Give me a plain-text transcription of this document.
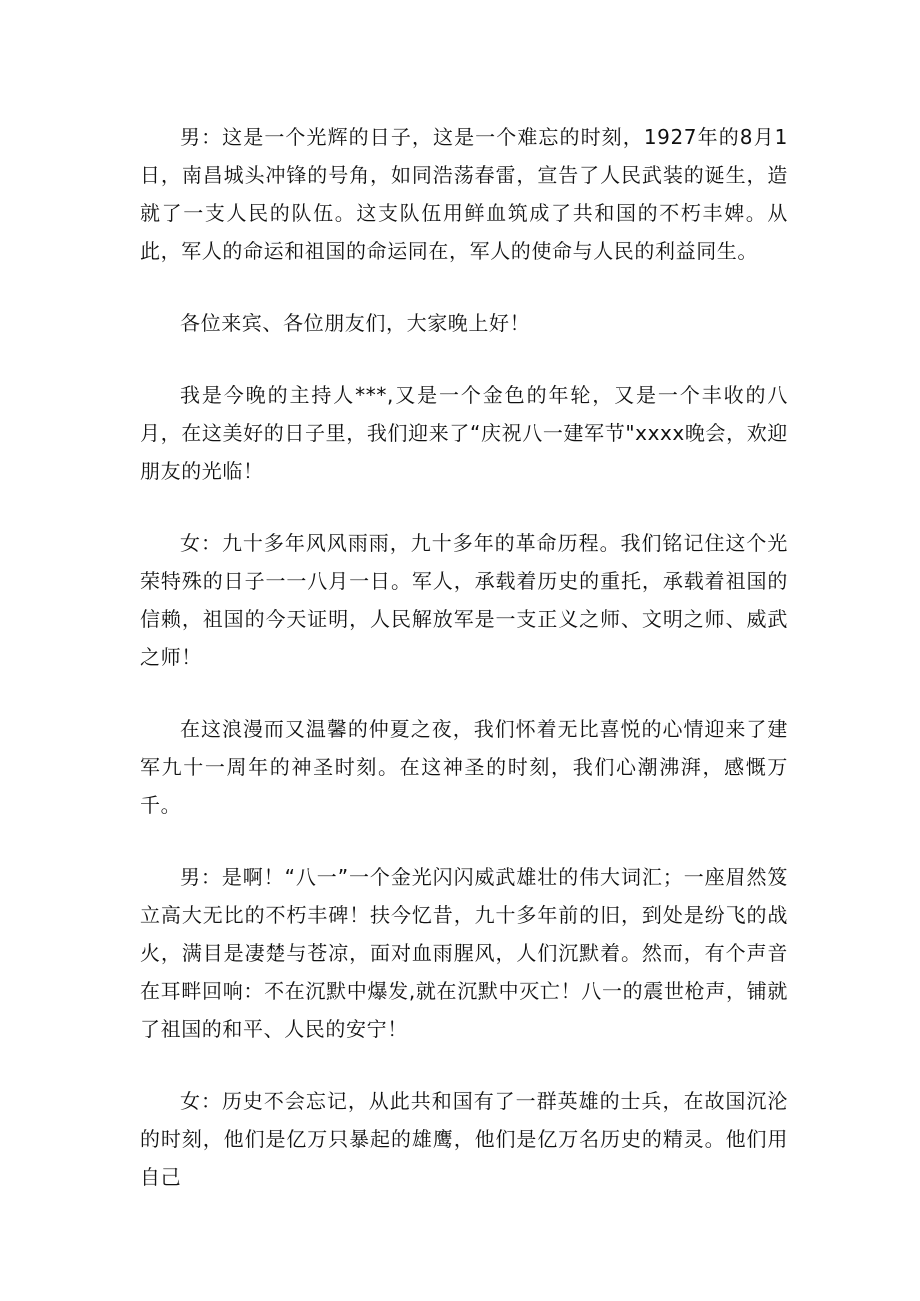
男：这是一个光辉的日子，这是一个难忘的时刻，1927年的8月1日，南昌城头冲锋的号角，如同浩荡春雷，宣告了人民武装的诞生，造就了一支人民的队伍。这支队伍用鲜血筑成了共和国的不朽丰婢。从此，军人的命运和祖国的命运同在，军人的使命与人民的利益同生。

各位来宾、各位朋友们，大家晚上好！

我是今晚的主持人***,又是一个金色的年轮，又是一个丰收的八月，在这美好的日子里，我们迎来了“庆祝八一建军节"xxxx晚会，欢迎朋友的光临！

女：九十多年风风雨雨，九十多年的革命历程。我们铭记住这个光荣特殊的日子一一八月一日。军人，承载着历史的重托，承载着祖国的信赖，祖国的今天证明，人民解放军是一支正义之师、文明之师、威武之师！

在这浪漫而又温馨的仲夏之夜，我们怀着无比喜悦的心情迎来了建军九十一周年的神圣时刻。在这神圣的时刻，我们心潮沸湃，感慨万千。

男：是啊！“八一”一个金光闪闪威武雄壮的伟大词汇；一座眉然笈立高大无比的不朽丰碑！扶今忆昔，九十多年前的旧，到处是纷飞的战火，满目是凄楚与苍凉，面对血雨腥风，人们沉默着。然而，有个声音在耳畔回响：不在沉默中爆发,就在沉默中灭亡！八一的震世枪声，铺就了祖国的和平、人民的安宁！

女：历史不会忘记，从此共和国有了一群英雄的士兵，在故国沉沦的时刻，他们是亿万只暴起的雄鹰，他们是亿万名历史的精灵。他们用自己
